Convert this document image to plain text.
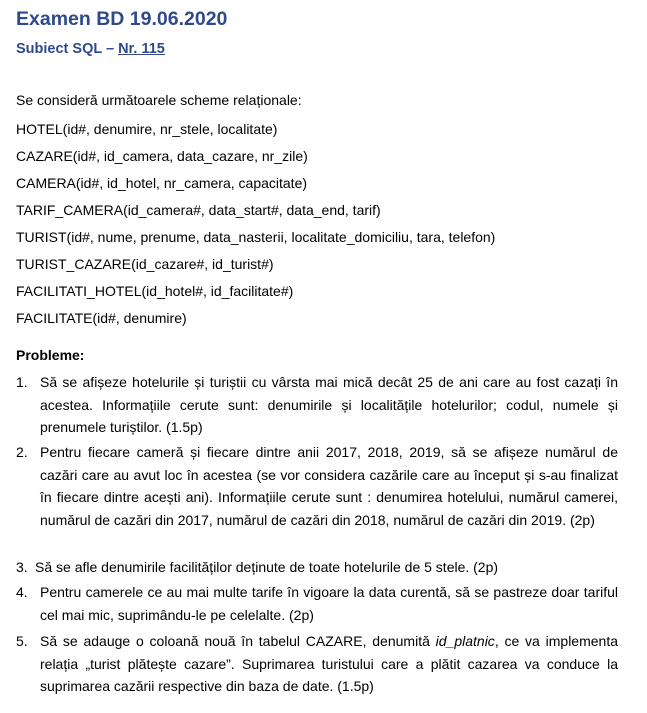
Examen BD 19.06.2020
Subiect SQL – Nr. 115
Se consideră următoarele scheme relaționale:
HOTEL(id#, denumire, nr_stele, localitate)
CAZARE(id#, id_camera, data_cazare, nr_zile)
CAMERA(id#, id_hotel, nr_camera, capacitate)
TARIF_CAMERA(id_camera#, data_start#, data_end, tarif)
TURIST(id#, nume, prenume, data_nasterii, localitate_domiciliu, tara, telefon)
TURIST_CAZARE(id_cazare#, id_turist#)
FACILITATI_HOTEL(id_hotel#, id_facilitate#)
FACILITATE(id#, denumire)
Probleme:
1. Să se afișeze hotelurile și turiștii cu vârsta mai mică decât 25 de ani care au fost cazați în acestea. Informațiile cerute sunt: denumirile și localitățile hotelurilor; codul, numele și prenumele turiștilor. (1.5p)
2. Pentru fiecare cameră și fiecare dintre anii 2017, 2018, 2019, să se afișeze numărul de cazări care au avut loc în acestea (se vor considera cazările care au început și s-au finalizat în fiecare dintre acești ani). Informațiile cerute sunt : denumirea hotelului, numărul camerei, numărul de cazări din 2017, numărul de cazări din 2018, numărul de cazări din 2019. (2p)
3. Să se afle denumirile facilităților deținute de toate hotelurile de 5 stele. (2p)
4. Pentru camerele ce au mai multe tarife în vigoare la data curentă, să se pastreze doar tariful cel mai mic, suprimându-le pe celelalte. (2p)
5. Să se adauge o coloană nouă în tabelul CAZARE, denumită id_platnic, ce va implementa relația „turist plătește cazare”. Suprimarea turistului care a plătit cazarea va conduce la suprimarea cazării respective din baza de date. (1.5p)
